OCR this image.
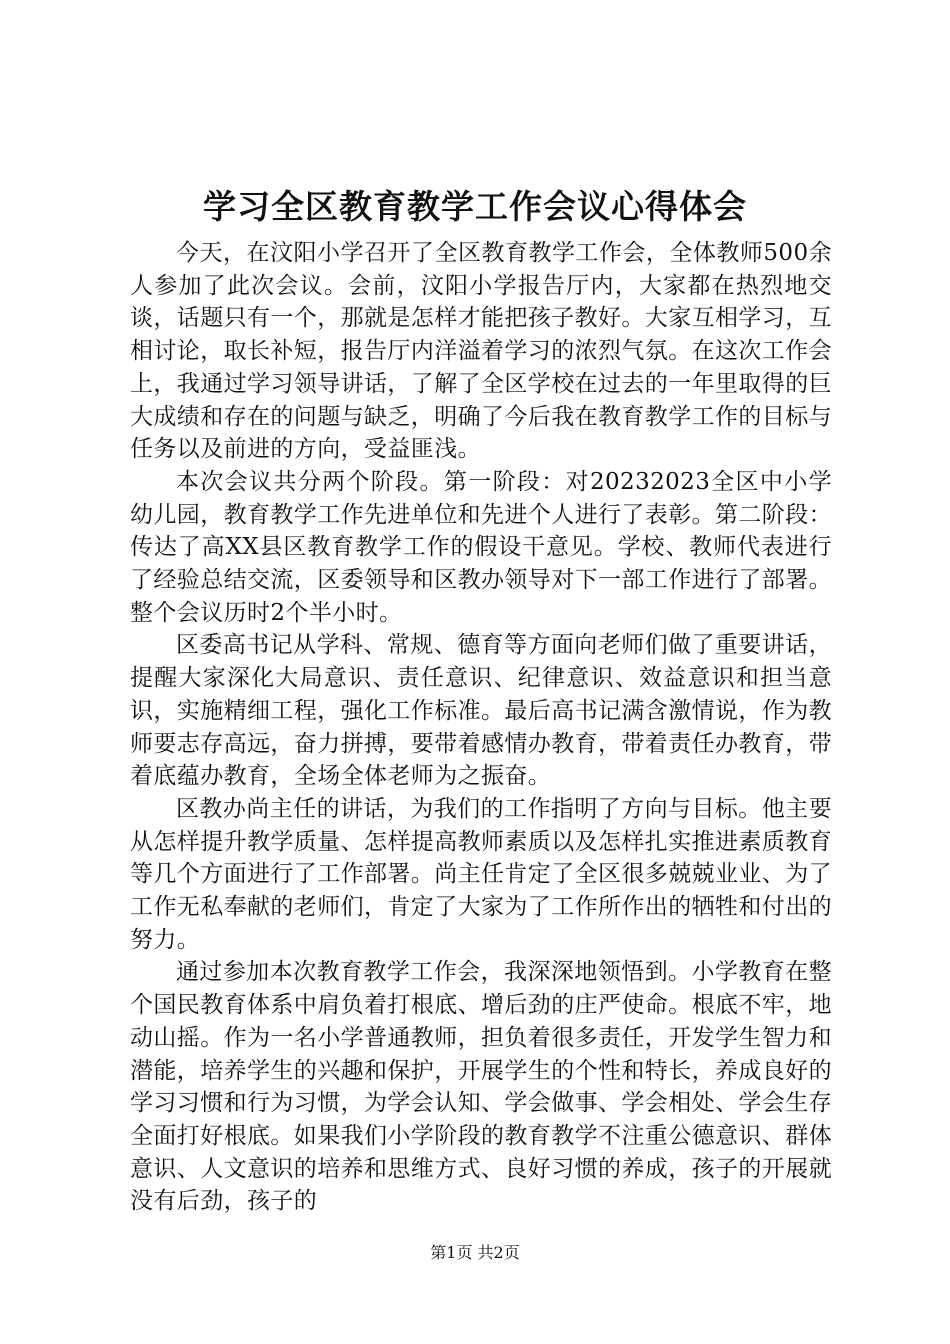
学习全区教育教学工作会议心得体会

今天，在汶阳小学召开了全区教育教学工作会，全体教师500余人参加了此次会议。会前，汶阳小学报告厅内，大家都在热烈地交谈，话题只有一个，那就是怎样才能把孩子教好。大家互相学习，互相讨论，取长补短，报告厅内洋溢着学习的浓烈气氛。在这次工作会上，我通过学习领导讲话，了解了全区学校在过去的一年里取得的巨大成绩和存在的问题与缺乏，明确了今后我在教育教学工作的目标与任务以及前进的方向，受益匪浅。

本次会议共分两个阶段。第一阶段：对20232023全区中小学幼儿园，教育教学工作先进单位和先进个人进行了表彰。第二阶段：传达了高XX县区教育教学工作的假设干意见。学校、教师代表进行了经验总结交流，区委领导和区教办领导对下一部工作进行了部署。整个会议历时2个半小时。

区委高书记从学科、常规、德育等方面向老师们做了重要讲话，提醒大家深化大局意识、责任意识、纪律意识、效益意识和担当意识，实施精细工程，强化工作标准。最后高书记满含激情说，作为教师要志存高远，奋力拼搏，要带着感情办教育，带着责任办教育，带着底蕴办教育，全场全体老师为之振奋。

区教办尚主任的讲话，为我们的工作指明了方向与目标。他主要从怎样提升教学质量、怎样提高教师素质以及怎样扎实推进素质教育等几个方面进行了工作部署。尚主任肯定了全区很多兢兢业业、为了工作无私奉献的老师们，肯定了大家为了工作所作出的牺牲和付出的努力。

通过参加本次教育教学工作会，我深深地领悟到。小学教育在整个国民教育体系中肩负着打根底、增后劲的庄严使命。根底不牢，地动山摇。作为一名小学普通教师，担负着很多责任，开发学生智力和潜能，培养学生的兴趣和保护，开展学生的个性和特长，养成良好的学习习惯和行为习惯，为学会认知、学会做事、学会相处、学会生存全面打好根底。如果我们小学阶段的教育教学不注重公德意识、群体意识、人文意识的培养和思维方式、良好习惯的养成，孩子的开展就没有后劲，孩子的

第1页 共2页
